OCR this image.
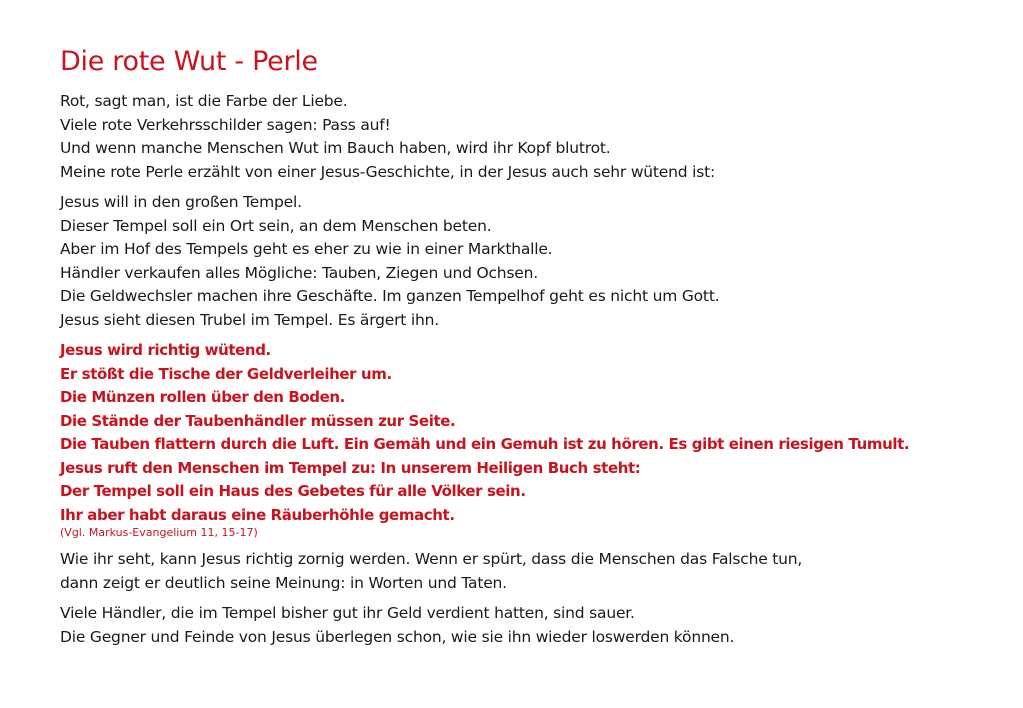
Die rote Wut - Perle
Rot, sagt man, ist die Farbe der Liebe.
Viele rote Verkehrsschilder sagen: Pass auf!
Und wenn manche Menschen Wut im Bauch haben, wird ihr Kopf blutrot.
Meine rote Perle erzählt von einer Jesus-Geschichte, in der Jesus auch sehr wütend ist:
Jesus will in den großen Tempel.
Dieser Tempel soll ein Ort sein, an dem Menschen beten.
Aber im Hof des Tempels geht es eher zu wie in einer Markthalle.
Händler verkaufen alles Mögliche: Tauben, Ziegen und Ochsen.
Die Geldwechsler machen ihre Geschäfte. Im ganzen Tempelhof geht es nicht um Gott.
Jesus sieht diesen Trubel im Tempel. Es ärgert ihn.
Jesus wird richtig wütend.
Er stößt die Tische der Geldverleiher um.
Die Münzen rollen über den Boden.
Die Stände der Taubenhändler müssen zur Seite.
Die Tauben flattern durch die Luft. Ein Gemäh und ein Gemuh ist zu hören. Es gibt einen riesigen Tumult.
Jesus ruft den Menschen im Tempel zu: In unserem Heiligen Buch steht:
Der Tempel soll ein Haus des Gebetes für alle Völker sein.
Ihr aber habt daraus eine Räuberhöhle gemacht.
(Vgl. Markus-Evangelium 11, 15-17)
Wie ihr seht, kann Jesus richtig zornig werden. Wenn er spürt, dass die Menschen das Falsche tun,
dann zeigt er deutlich seine Meinung: in Worten und Taten.
Viele Händler, die im Tempel bisher gut ihr Geld verdient hatten, sind sauer.
Die Gegner und Feinde von Jesus überlegen schon, wie sie ihn wieder loswerden können.
